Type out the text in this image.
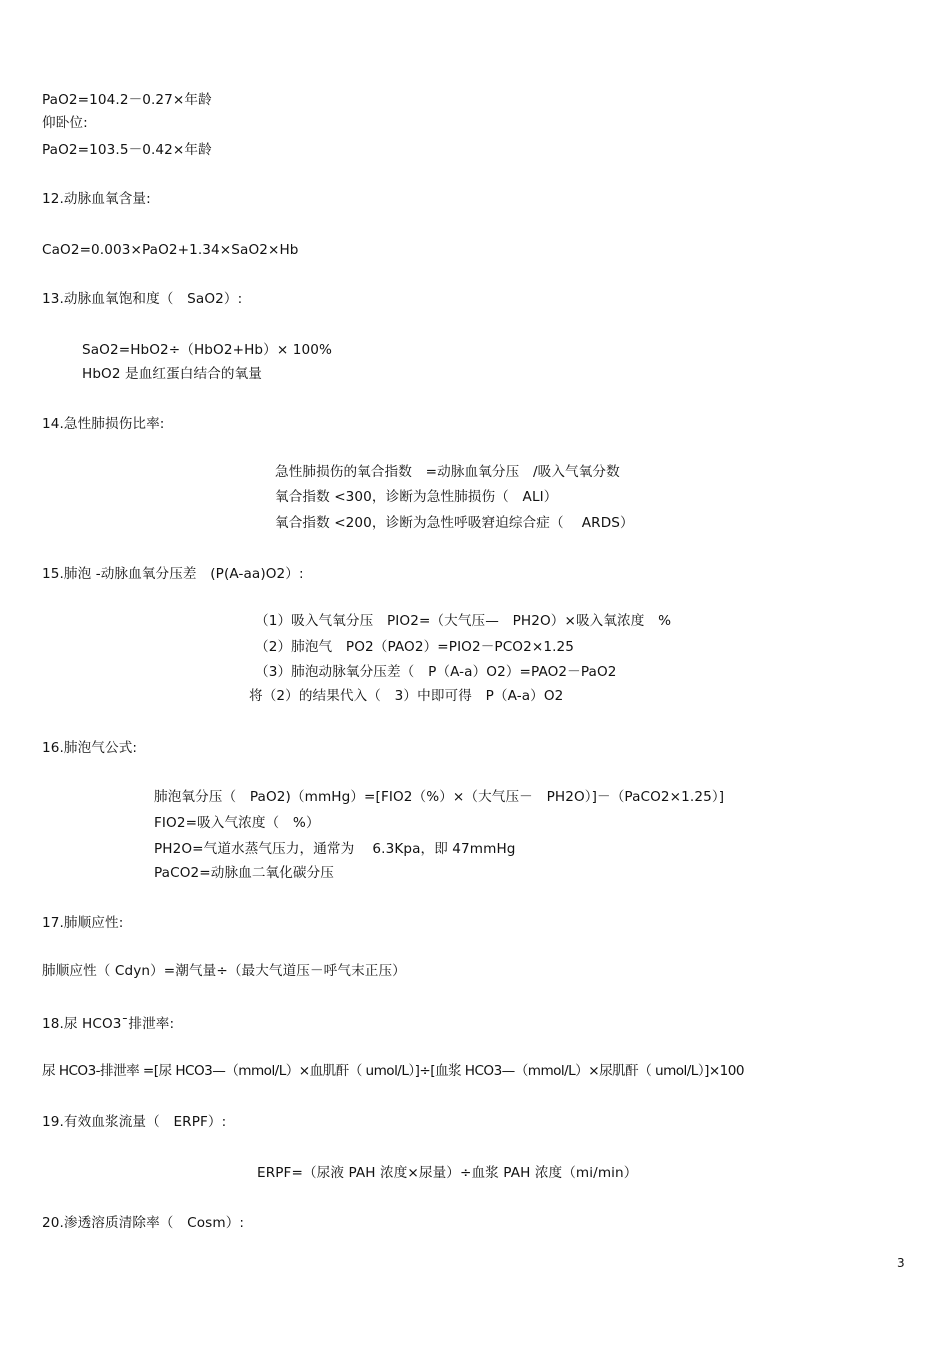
PaO2=104.2－0.27×年龄
仰卧位:
PaO2=103.5－0.42×年龄
12.动脉血氧含量:
CaO2=0.003×PaO2+1.34×SaO2×Hb
13.动脉血氧饱和度（　SaO2）:
SaO2=HbO2÷（HbO2+Hb）× 100%
HbO2 是血红蛋白结合的氧量
14.急性肺损伤比率:
急性肺损伤的氧合指数　=动脉血氧分压　/吸入气氧分数
氧合指数 <300，诊断为急性肺损伤（　ALI）
氧合指数 <200，诊断为急性呼吸窘迫综合症（　 ARDS）
15.肺泡 -动脉血氧分压差　(P(A-aa)O2）:
（1）吸入气氧分压　PIO2=（大气压—　PH2O）×吸入氧浓度　%
（2）肺泡气　PO2（PAO2）=PIO2－PCO2×1.25
（3）肺泡动脉氧分压差（　P（A-a）O2）=PAO2－PaO2
将（2）的结果代入（　3）中即可得　P（A-a）O2
16.肺泡气公式:
肺泡氧分压（　PaO2)（mmHg）=[FIO2（%）×（大气压－　PH2O）]－（PaCO2×1.25）]
FIO2=吸入气浓度（　%）
PH2O=气道水蒸气压力，通常为　 6.3Kpa，即 47mmHg
PaCO2=动脉血二氧化碳分压
17.肺顺应性:
肺顺应性（ Cdyn）=潮气量÷（最大气道压－呼气末正压）
18.尿 HCO3¯排泄率:
尿 HCO3-排泄率 =[尿 HCO3—（mmol/L）×血肌酐（ umol/L）]÷[血浆 HCO3—（mmol/L）×尿肌酐（ umol/L）]×100
19.有效血浆流量（　ERPF）:
ERPF=（尿液 PAH 浓度×尿量）÷血浆 PAH 浓度（mi/min）
20.渗透溶质清除率（　Cosm）:
3
